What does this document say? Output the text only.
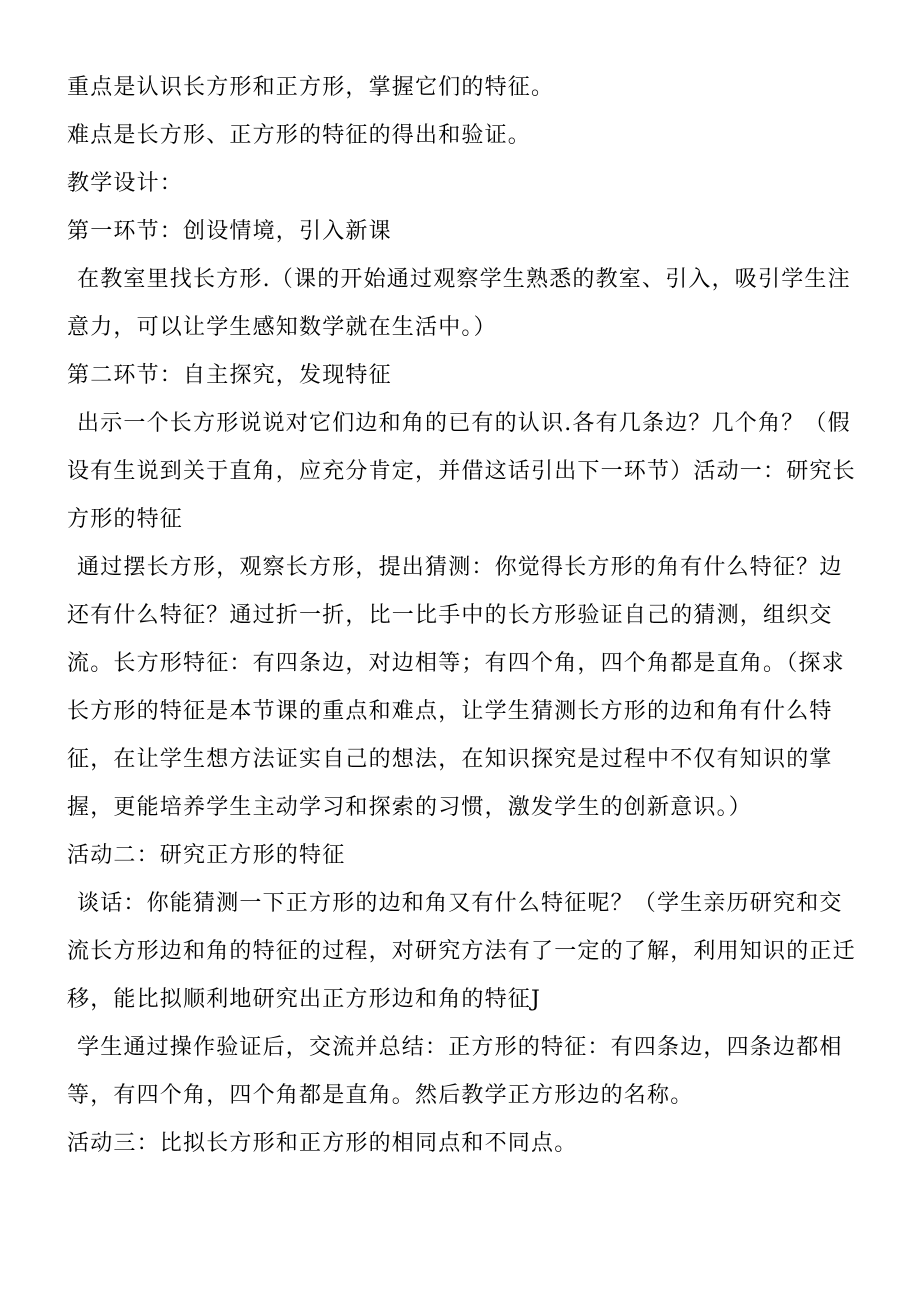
重点是认识长方形和正方形，掌握它们的特征。

难点是长方形、正方形的特征的得出和验证。

教学设计：

第一环节：创设情境，引入新课

在教室里找长方形.（课的开始通过观察学生熟悉的教室、引入，吸引学生注

意力，可以让学生感知数学就在生活中。）

第二环节：自主探究，发现特征

出示一个长方形说说对它们边和角的已有的认识.各有几条边？几个角？（假

设有生说到关于直角，应充分肯定，并借这话引出下一环节）活动一：研究长

方形的特征

通过摆长方形，观察长方形，提出猜测：你觉得长方形的角有什么特征？边

还有什么特征？通过折一折，比一比手中的长方形验证自己的猜测，组织交

流。长方形特征：有四条边，对边相等；有四个角，四个角都是直角。（探求

长方形的特征是本节课的重点和难点，让学生猜测长方形的边和角有什么特

征，在让学生想方法证实自己的想法，在知识探究是过程中不仅有知识的掌

握，更能培养学生主动学习和探索的习惯，激发学生的创新意识。）

活动二：研究正方形的特征

谈话：你能猜测一下正方形的边和角又有什么特征呢？（学生亲历研究和交

流长方形边和角的特征的过程，对研究方法有了一定的了解，利用知识的正迁

移，能比拟顺利地研究出正方形边和角的特征J

学生通过操作验证后，交流并总结：正方形的特征：有四条边，四条边都相

等，有四个角，四个角都是直角。然后教学正方形边的名称。

活动三：比拟长方形和正方形的相同点和不同点。
